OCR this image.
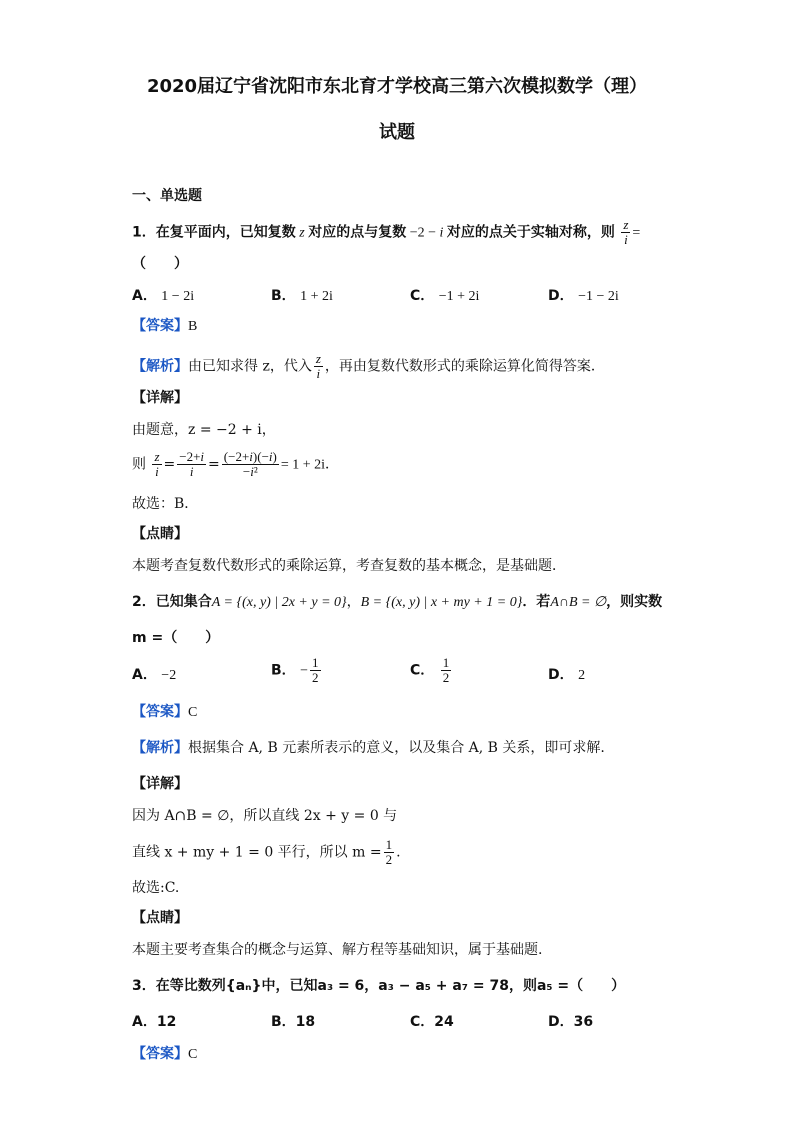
2020届辽宁省沈阳市东北育才学校高三第六次模拟数学（理）
试题
一、单选题
1．在复平面内，已知复数 z 对应的点与复数 −2 − i 对应的点关于实轴对称，则 $\frac{z}{i}$ =
（　　）
A． 1 − 2i	B． 1 + 2i	C． −1 + 2i	D． −1 − 2i
【答案】B
【解析】由已知求得 z，代入 $\frac{z}{i}$ ，再由复数代数形式的乘除运算化简得答案．
【详解】
由题意，z = −2 + i，
则 $\frac{z}{i} = \frac{-2+i}{i} = \frac{(-2+i)(-i)}{\text{−i²}} = 1 + 2i$．
故选：B．
【点睛】
本题考查复数代数形式的乘除运算，考查复数的基本概念，是基础题．
2．已知集合A = {(x, y) | 2x + y = 0}，B = {(x, y) | x + my + 1 = 0}．若A∩B = ∅，则实数
m =（　　）
A． −2	B． − $\frac{1}{2}$	C． $\frac{1}{2}$	D． 2
【答案】C
【解析】根据集合 A, B 元素所表示的意义，以及集合 A, B 关系，即可求解.
【详解】
因为 A∩B = ∅，所以直线 2x + y = 0 与
直线 x + my + 1 = 0 平行，所以 $m = \frac{1}{2}$ .
故选:C.
【点睛】
本题主要考查集合的概念与运算、解方程等基础知识，属于基础题.
3．在等比数列{aₙ}中，已知a₃ = 6，a₃ − a₅ + a₇ = 78，则a₅ =（　　）
A．12	B．18	C．24	D．36
【答案】C
